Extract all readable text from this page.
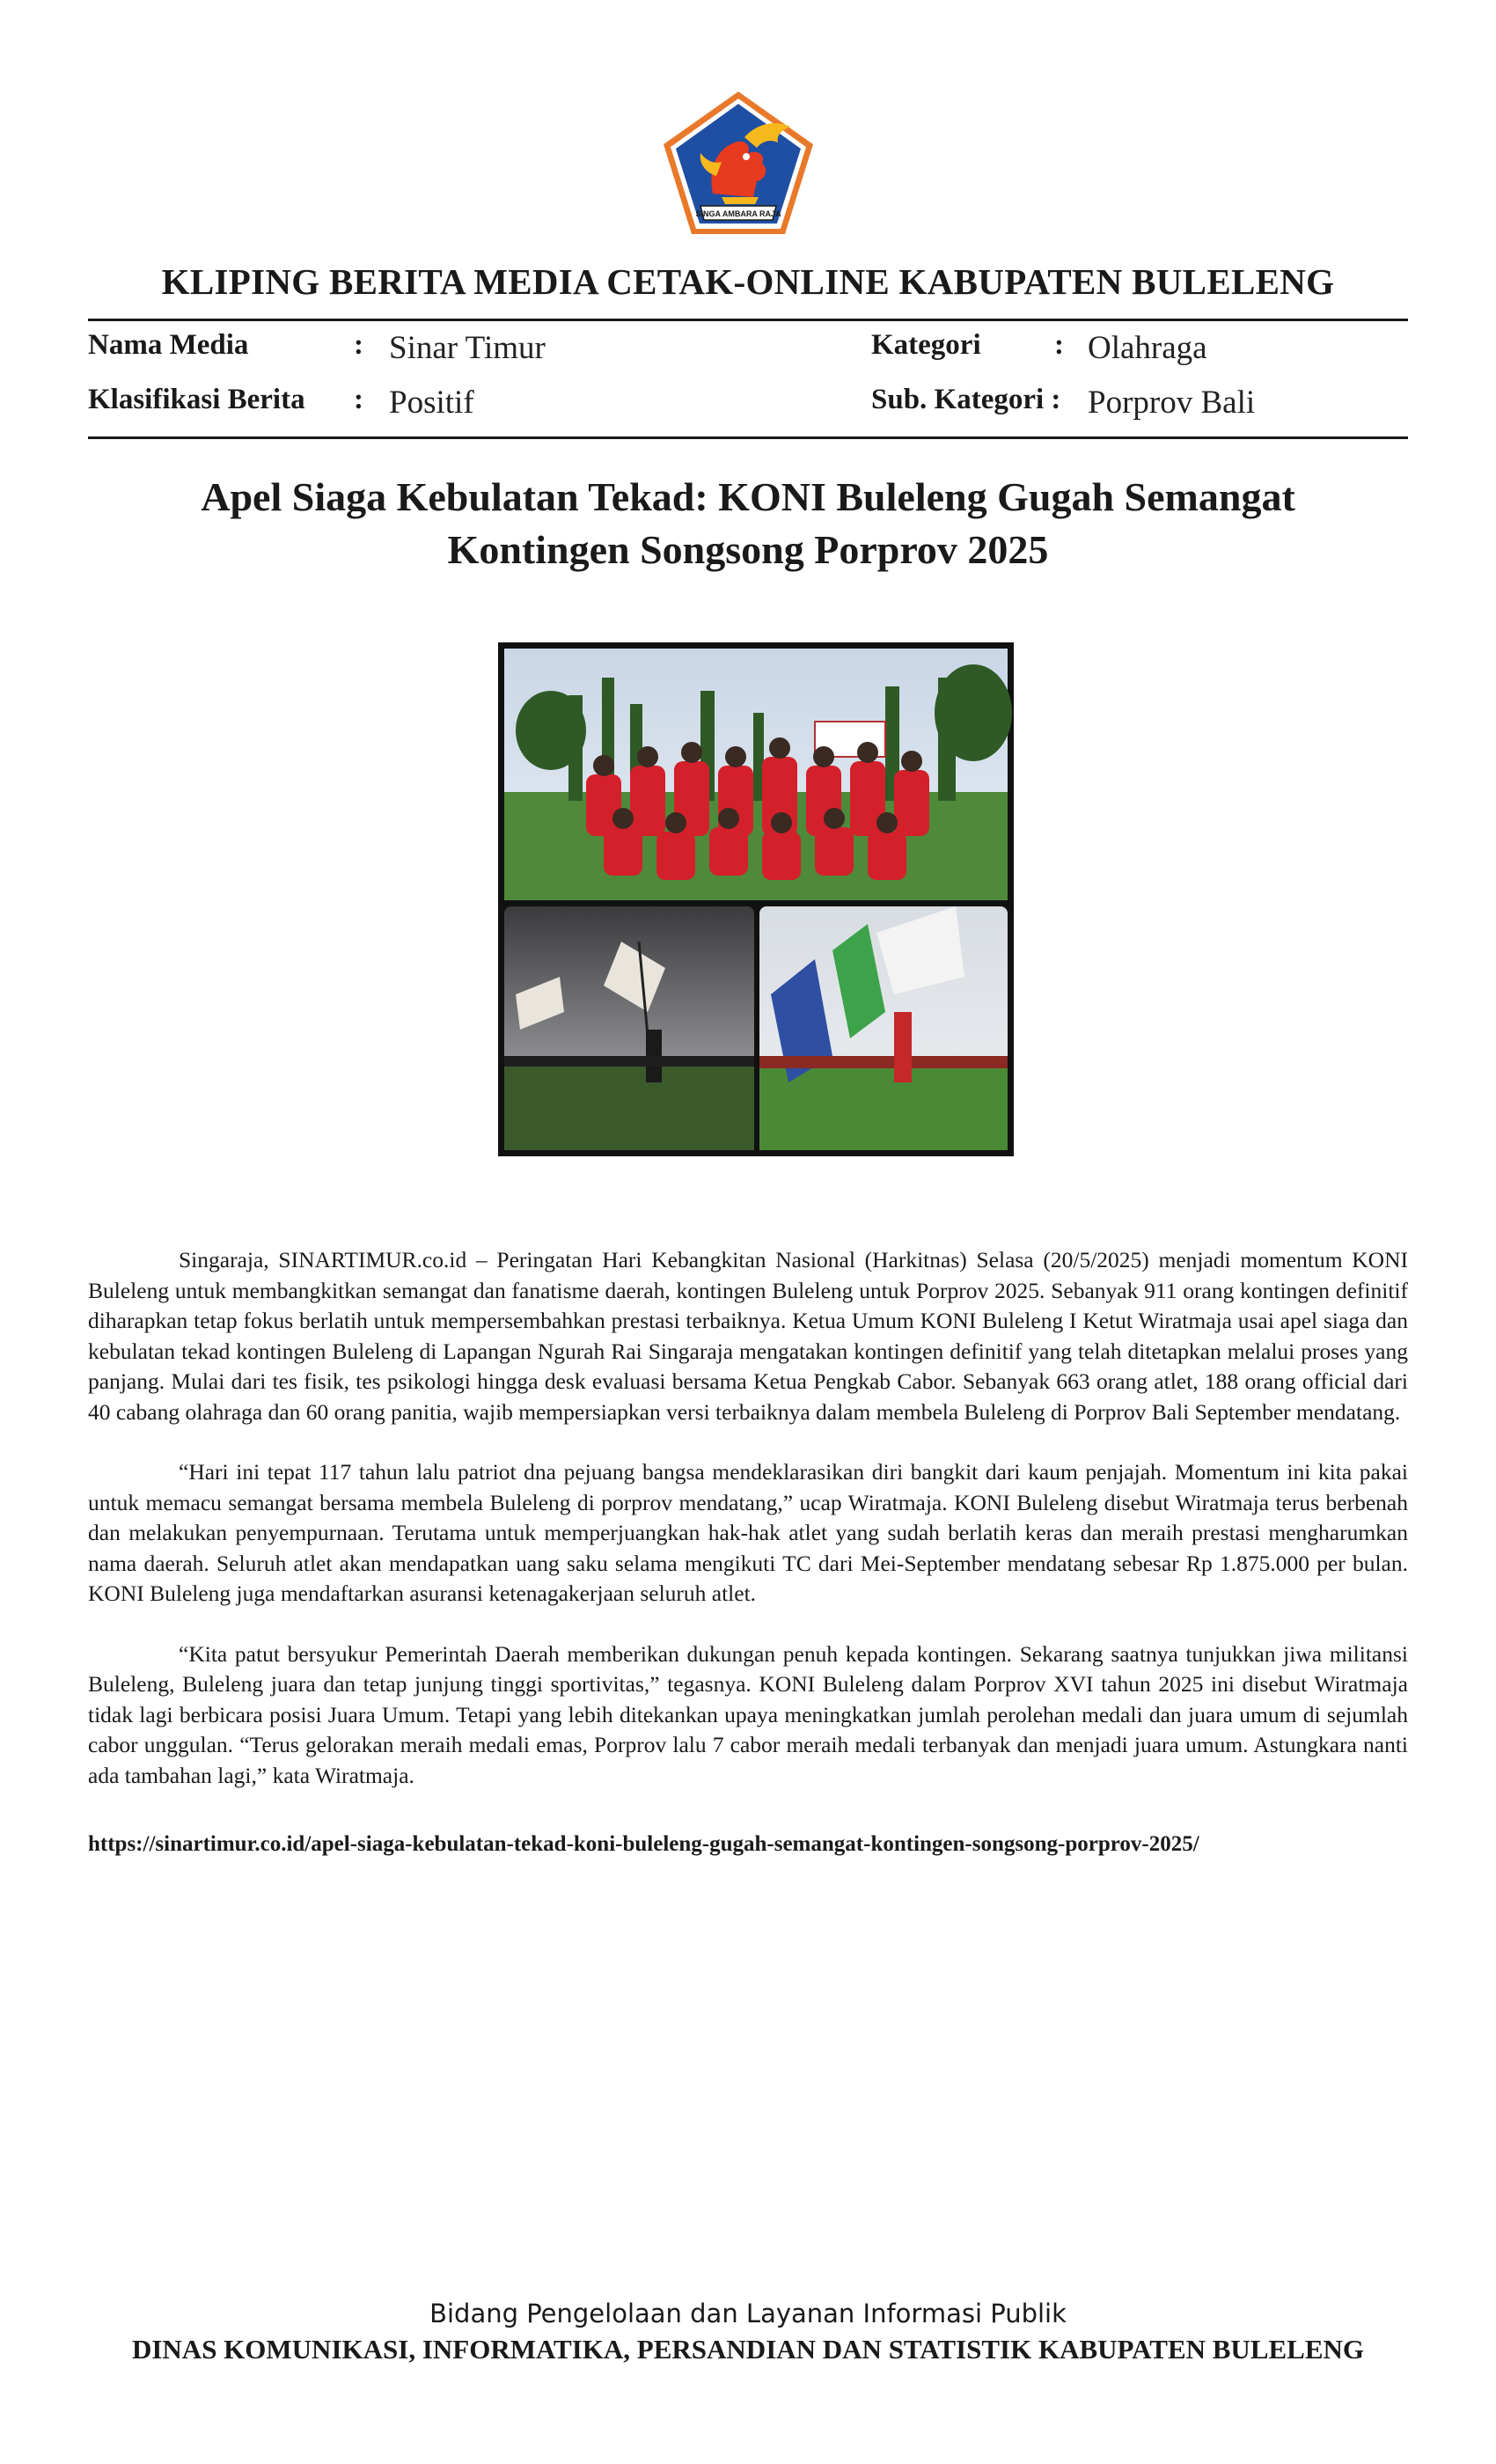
SINGA AMBARA RAJA
KLIPING BERITA MEDIA CETAK-ONLINE KABUPATEN BULELENG
Nama Media	: Sinar Timur
Klasifikasi Berita : Positif
Kategori	: Olahraga
Sub. Kategori : Porprov Bali
Apel Siaga Kebulatan Tekad: KONI Buleleng Gugah Semangat
Kontingen Songsong Porprov 2025

Singaraja, SINARTIMUR.co.id – Peringatan Hari Kebangkitan Nasional (Harkitnas) Selasa (20/5/2025) menjadi momentum KONI Buleleng untuk membangkitkan semangat dan fanatisme daerah, kontingen Buleleng untuk Porprov 2025. Sebanyak 911 orang kontingen definitif diharapkan tetap fokus berlatih untuk mempersembahkan prestasi terbaiknya. Ketua Umum KONI Buleleng I Ketut Wiratmaja usai apel siaga dan kebulatan tekad kontingen Buleleng di Lapangan Ngurah Rai Singaraja mengatakan kontingen definitif yang telah ditetapkan melalui proses yang panjang. Mulai dari tes fisik, tes psikologi hingga desk evaluasi bersama Ketua Pengkab Cabor. Sebanyak 663 orang atlet, 188 orang official dari 40 cabang olahraga dan 60 orang panitia, wajib mempersiapkan versi terbaiknya dalam membela Buleleng di Porprov Bali September mendatang.

“Hari ini tepat 117 tahun lalu patriot dna pejuang bangsa mendeklarasikan diri bangkit dari kaum penjajah. Momentum ini kita pakai untuk memacu semangat bersama membela Buleleng di porprov mendatang,” ucap Wiratmaja. KONI Buleleng disebut Wiratmaja terus berbenah dan melakukan penyempurnaan. Terutama untuk memperjuangkan hak-hak atlet yang sudah berlatih keras dan meraih prestasi mengharumkan nama daerah. Seluruh atlet akan mendapatkan uang saku selama mengikuti TC dari Mei-September mendatang sebesar Rp 1.875.000 per bulan. KONI Buleleng juga mendaftarkan asuransi ketenagakerjaan seluruh atlet.

“Kita patut bersyukur Pemerintah Daerah memberikan dukungan penuh kepada kontingen. Sekarang saatnya tunjukkan jiwa militansi Buleleng, Buleleng juara dan tetap junjung tinggi sportivitas,” tegasnya. KONI Buleleng dalam Porprov XVI tahun 2025 ini disebut Wiratmaja tidak lagi berbicara posisi Juara Umum. Tetapi yang lebih ditekankan upaya meningkatkan jumlah perolehan medali dan juara umum di sejumlah cabor unggulan. “Terus gelorakan meraih medali emas, Porprov lalu 7 cabor meraih medali terbanyak dan menjadi juara umum. Astungkara nanti ada tambahan lagi,” kata Wiratmaja.

https://sinartimur.co.id/apel-siaga-kebulatan-tekad-koni-buleleng-gugah-semangat-kontingen-songsong-porprov-2025/
Bidang Pengelolaan dan Layanan Informasi Publik
DINAS KOMUNIKASI, INFORMATIKA, PERSANDIAN DAN STATISTIK KABUPATEN BULELENG
